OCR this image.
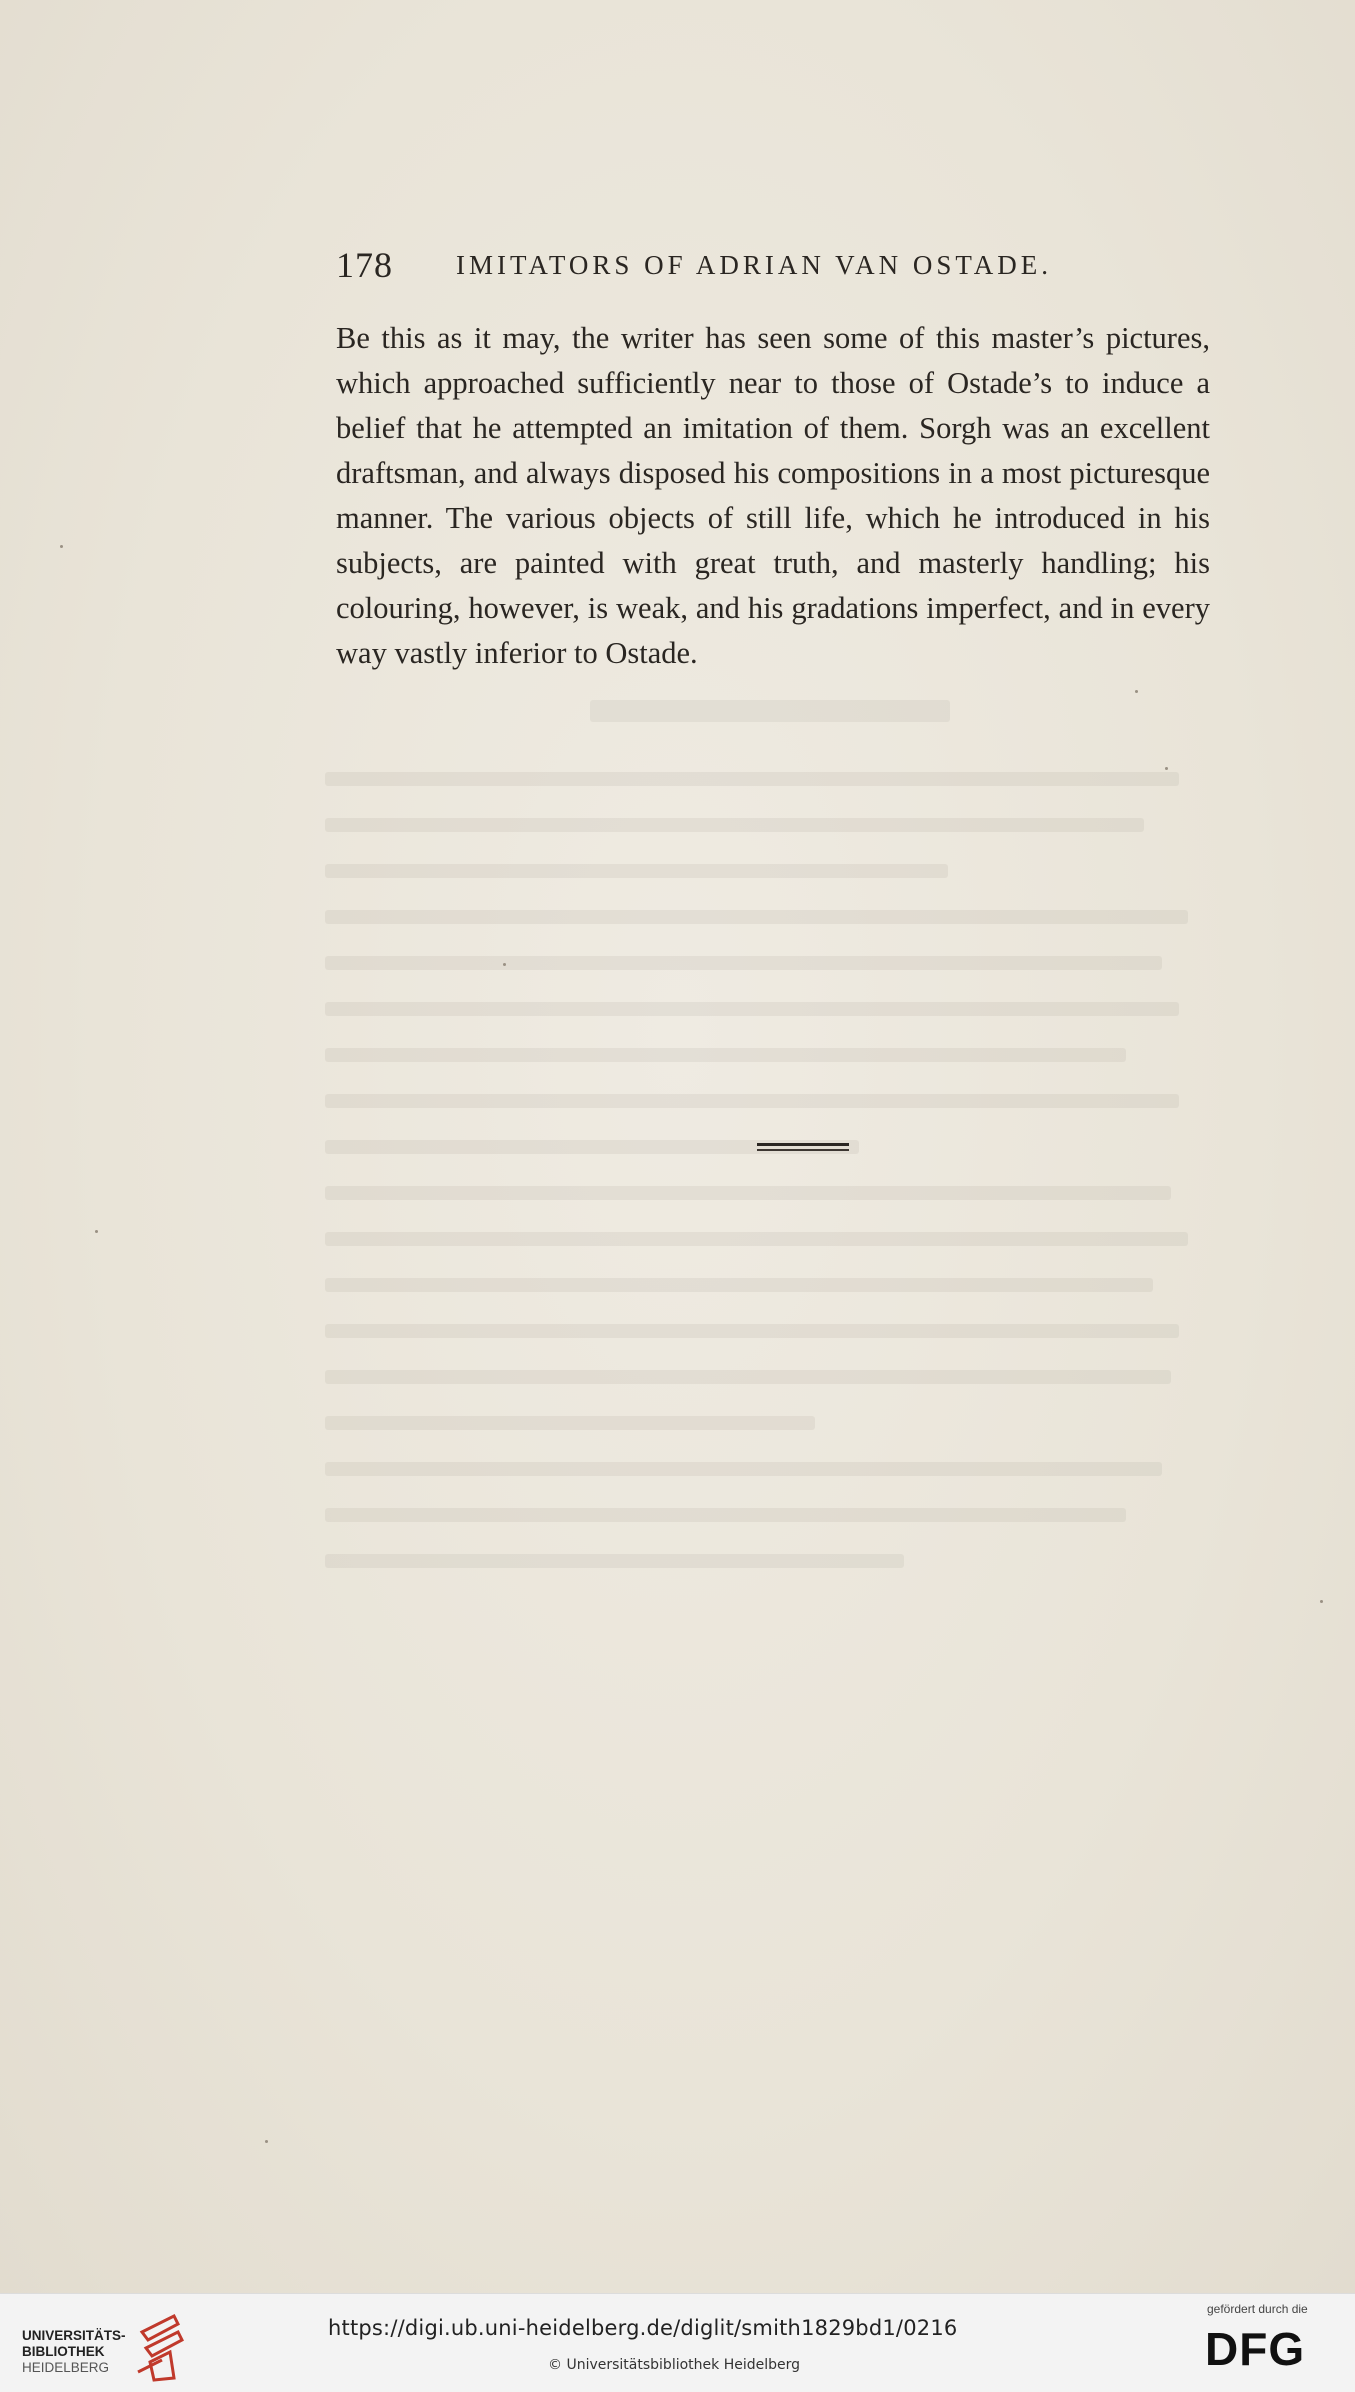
178 IMITATORS OF ADRIAN VAN OSTADE.

Be this as it may, the writer has seen some of this master’s pictures, which approached sufficiently near to those of Ostade’s to induce a belief that he attempted an imitation of them. Sorgh was an excellent draftsman, and always disposed his compositions in a most picturesque manner. The various objects of still life, which he introduced in his subjects, are painted with great truth, and masterly handling; his colouring, however, is weak, and his gradations imperfect, and in every way vastly inferior to Ostade.

UNIVERSITÄTS-
BIBLIOTHEK
HEIDELBERG
https://digi.ub.uni-heidelberg.de/diglit/smith1829bd1/0216
© Universitätsbibliothek Heidelberg
gefördert durch die
DFG
